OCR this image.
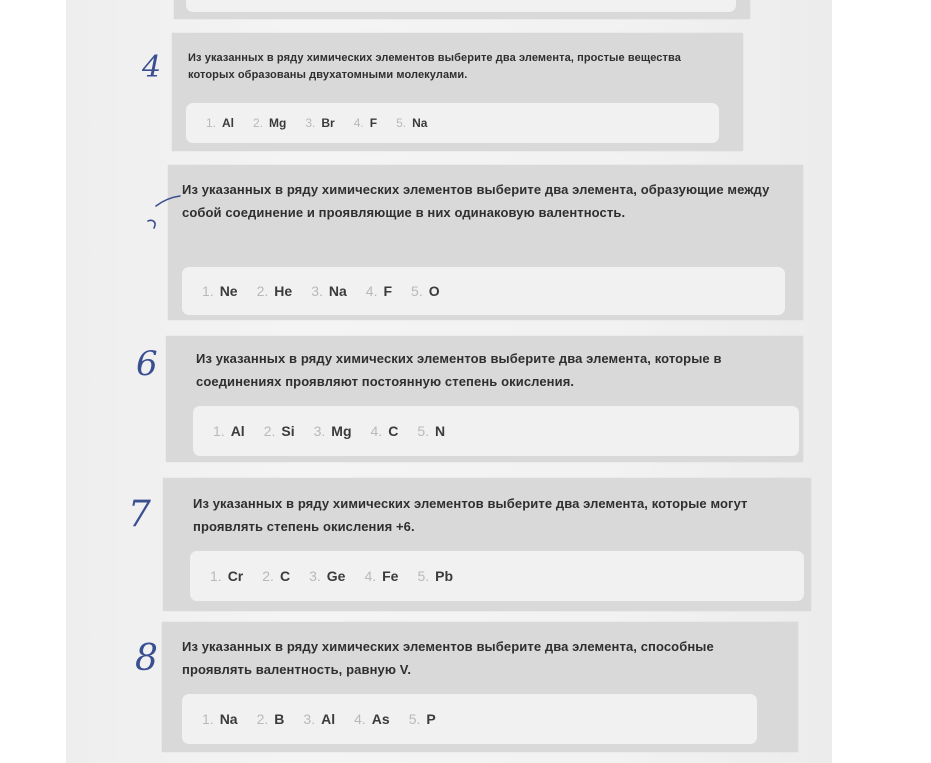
Из указанных в ряду химических элементов выберите два элемента, простые вещества которых образованы двухатомными молекулами.
1. Al 2. Mg 3. Br 4. F 5. Na
4
Из указанных в ряду химических элементов выберите два элемента, образующие между собой соединение и проявляющие в них одинаковую валентность.
1. Ne 2. He 3. Na 4. F 5. O
Из указанных в ряду химических элементов выберите два элемента, которые в соединениях проявляют постоянную степень окисления.
1. Al 2. Si 3. Mg 4. C 5. N
6
Из указанных в ряду химических элементов выберите два элемента, которые могут проявлять степень окисления +6.
1. Cr 2. C 3. Ge 4. Fe 5. Pb
7
Из указанных в ряду химических элементов выберите два элемента, способные проявлять валентность, равную V.
1. Na 2. B 3. Al 4. As 5. P
8
